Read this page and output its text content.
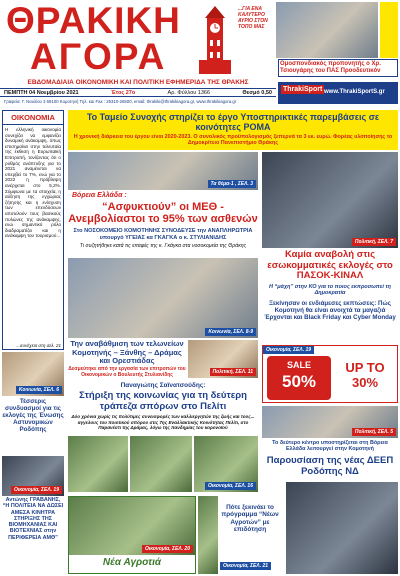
ΘΡΑΚΙΚΗ
ΑΓΟΡΑ
...ΓΙΑ ΕΝΑ ΚΑΛΥΤΕΡΟ ΑΥΡΙΟ ΣΤΟΝ ΤΟΠΟ ΜΑΣ
Ομοσπονδιακός προπονητής ο Χρ. Τσιουγάρης του ΠΑΣ Προοδευτικόν
ΕΒΔΟΜΑΔΙΑΙΑ ΟΙΚΟΝΟΜΙΚΗ ΚΑΙ ΠΟΛΙΤΙΚΗ ΕΦΗΜΕΡΙΔΑ ΤΗΣ ΘΡΑΚΗΣ
ΠΕΜΠΤΗ 04 Νοεμβρίου 2021	Έτος 27ο	Αρ. Φύλλου 1366	Θεσμό 0,50
Γραφεία: Γ. Ναυλίου 3 69100 Κομοτηνή Τηλ. και Fax : 25310-26500, email: thrakiki@thrakikiagora.gr, www.thrakikiagora.gr
ThrakiSport www.ThrakiSportS.gr
ΟΙΚΟΝΟΜΙΑ
Η ελληνική οικονομία συνεχίζει να εμφανίζει δυναμική ανάκαμψη, όπως επισημαίνει στην τελευταία της έκθεση η Ευρωπαϊκή Επιτροπή, τονίζοντας ότι ο ρυθμός ανάπτυξης για το 2021 αναμένεται να υπερβεί το 7%, ενώ για το 2022 η πρόβλεψη ανέρχεται στο 5,2%. Σύμφωνα με τα στοιχεία, η αύξηση της εγχώριας ζήτησης και η ενίσχυση των επενδύσεων αποτελούν τους βασικούς πυλώνες της ανάκαμψης, ενώ σημαντικό ρόλο διαδραματίζει και η ανάκαμψη του τουρισμού...
...συνέχεια στη σελ. 21
Κοινωνία, ΣΕΛ. 6
Τέσσερις συνδυασμοί για τις εκλογές της Ένωσης Αστυνομικών Ροδόπης
Οικονομία, ΣΕΛ. 19
Αντώνης ΓΡΑΒΑΝΗΣ, “Η ΠΟΛΙΤΕΙΑ ΝΑ ΔΩΣΕΙ ΑΜΕΣΑ ΚΙΝΗΤΡΑ ΣΤΗΡΙΞΗΣ ΤΗΣ ΒΙΟΜΗΧΑΝΙΑΣ ΚΑΙ ΒΙΟΤΕΧΝΙΑΣ στην ΠΕΡΙΦΕΡΕΙΑ ΑΜΘ”
Το Ταμείο Συνοχής στηρίζει το έργο Υποστηρικτικές παρεμβάσεις σε κοινότητες ΡΟΜΑ
Η χρονική διάρκεια του έργου είναι 2020-2023. Ο συνολικός προϋπολογισμός ξεπερνά τα 3 εκ. ευρώ. Φορέας υλοποίησης το Δημοκρίτειο Πανεπιστήμιο Θράκης
Τα θέμα-1 , ΣΕΛ. 3
Βόρεια Ελλάδα :
“Ασφυκτιούν” οι ΜΕΘ - Ανεμβολίαστοι το 95% των ασθενών
Στο ΝΟΣΟΚΟΜΕΙΟ ΚΟΜΟΤΗΝΗΣ ΣΥΝΟΔΕΥΣΕ την ΑΝΑΠΛΗΡΩΤΡΙΑ υπουργό ΥΓΕΙΑΣ κα ΓΚΑΓΚΑ ο κ. ΣΤΥΛΙΑΝΙΔΗΣ
Τι συζητήθηκε κατά τις επαφές της κ. Γκάγκα στα νοσοκομεία της Θράκης
Κοινωνία, ΣΕΛ. 8-9
Την αναβάθμιση των τελωνείων Κομοτηνής – Ξάνθης – Δράμας και Ορεστιάδας
Δεσμεύτηκε από την εργασία των επιτροπών του Οικονομικών ο Βουλευτής Στυλιανίδης	Πολιτική, ΣΕΛ. 11
Παναγιώτης Σαϊνατσούδης:
Στήριξη της κοινωνίας για τη δεύτερη τράπεζα σπόρων στο Πελίτι
Δύο χρόνια χωρίς τις πολύτιμες συνεισφορές των καλλιεργητών της ζωής και τους... αγγελους του ποιοτικού σπόρου στις 7ης Εναλλακτικής Κοινότητας Πελίτι, στο Παρανέστι της Δράμας, λόγω της πανδημίας του κορονοϊού
Οικονομία, ΣΕΛ. 16
Οικονομία, ΣΕΛ. 20
Νέα Αγροτιά
Πότε ξεκινάει το πρόγραμμα “Νέων Αγροτών” με επιδότηση
Οικονομία, ΣΕΛ. 21
Πολιτική, ΣΕΛ. 7
Καμία αναβολή στις εσωκομματικές εκλογές στο ΠΑΣΟΚ-ΚΙΝΑΛ
Η “μάχη” στην ΚΟ για το ποιος εκπροσωπεί τη Δημοκρατία
Ξεκίνησαν οι ενδιάμεσες εκπτώσεις: Πώς Κομοτηνή θα είναι ανοιχτά τα μαγαζιά Έρχονται και Black Friday και Cyber Monday
Οικονομία, ΣΕΛ. 19
SALE
50%
UP TO 30%
Πολιτική, ΣΕΛ. 5
Το δεύτερο κέντρο υποστηρίζεται στη Βόρεια Ελλάδα λειτουργεί στην Κομοτηνή
Παρουσίαση της νέας ΔΕΕΠ Ροδόπης ΝΔ
